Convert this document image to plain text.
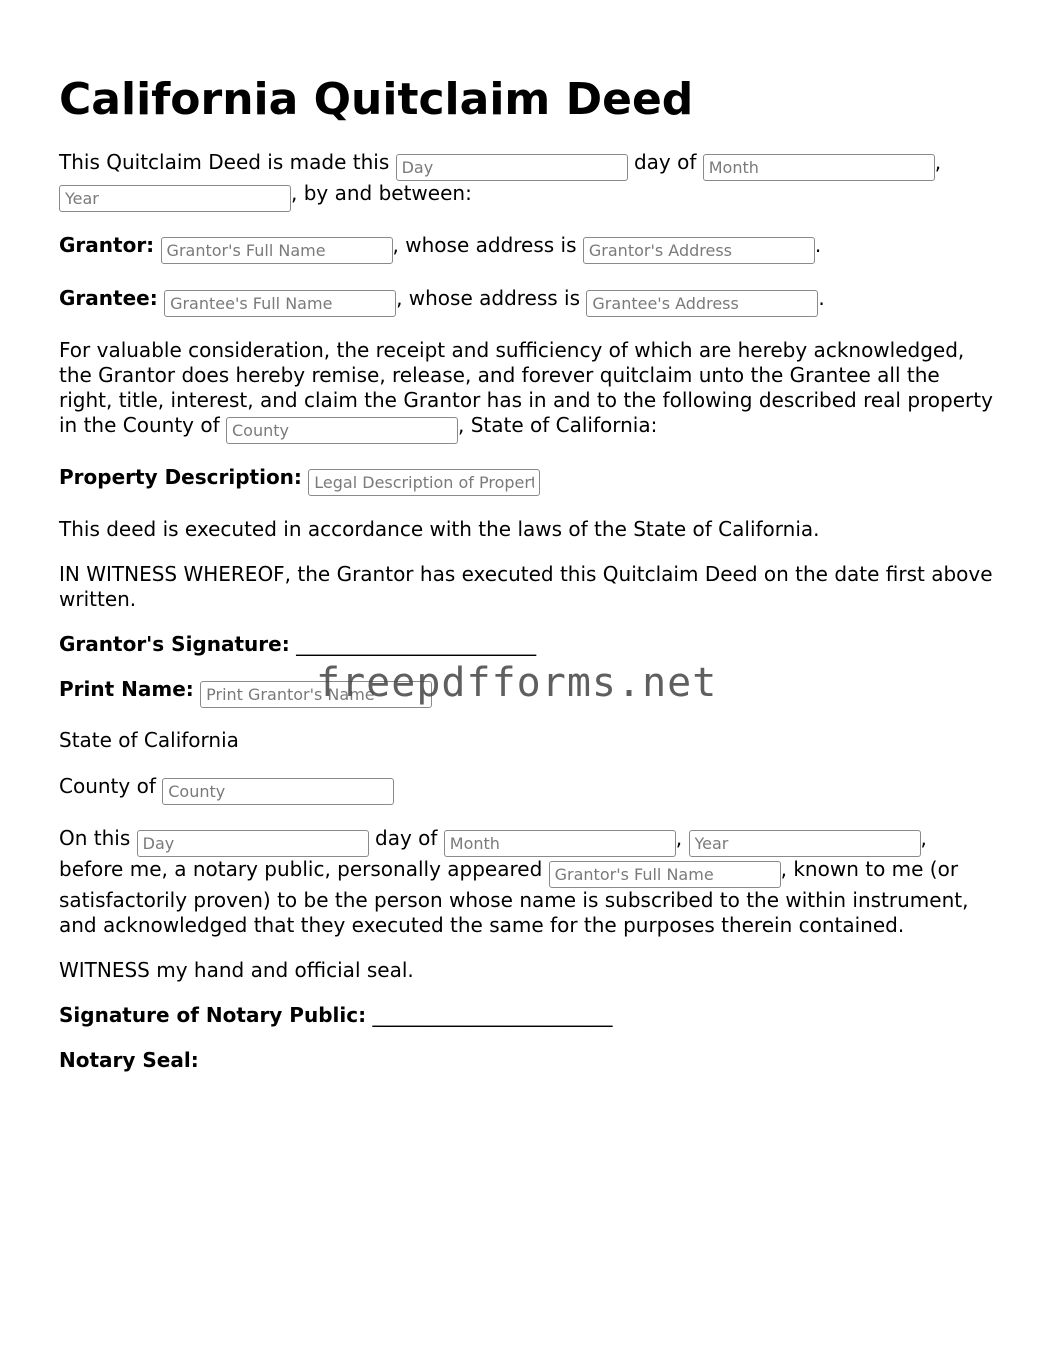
California Quitclaim Deed

This Quitclaim Deed is made this Day	day of Month	,
Year, by and between:

Grantor: Grantor's Full Name	, whose address is Grantor's Address	.

Grantee: Grantee's Full Name	, whose address is Grantee's Address	.

For valuable consideration, the receipt and sufficiency of which are hereby acknowledged, the Grantor does hereby remise, release, and forever quitclaim unto the Grantee all the right, title, interest, and claim the Grantor has in and to the following described real property in the County of County	, State of California:

Property Description: Legal Description of Property

This deed is executed in accordance with the laws of the State of California.

IN WITNESS WHEREOF, the Grantor has executed this Quitclaim Deed on the date first above written.

Grantor's Signature: ________________________

Print Name: Print Grantor's Name

State of California

County of County

On this Day	day of Month	, Year	,
before me, a notary public, personally appeared Grantor's Full Name	, known to me (or satisfactorily proven) to be the person whose name is subscribed to the within instrument, and acknowledged that they executed the same for the purposes therein contained.

WITNESS my hand and official seal.

Signature of Notary Public: ________________________

Notary Seal:

freepdfforms.net
